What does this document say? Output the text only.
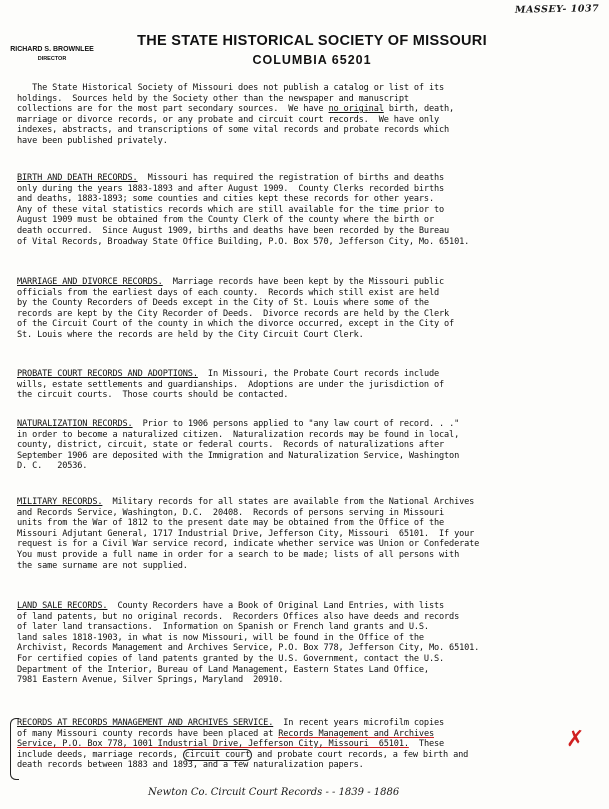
MASSEY- 1037
RICHARD S. BROWNLEE
DIRECTOR
THE STATE HISTORICAL SOCIETY OF MISSOURI
COLUMBIA 65201

The State Historical Society of Missouri does not publish a catalog or list of its
holdings.  Sources held by the Society other than the newspaper and manuscript
collections are for the most part secondary sources.  We have no original birth, death,
marriage or divorce records, or any probate and circuit court records.  We have only
indexes, abstracts, and transcriptions of some vital records and probate records which
have been published privately.

BIRTH AND DEATH RECORDS.  Missouri has required the registration of births and deaths
only during the years 1883-1893 and after August 1909.  County Clerks recorded births
and deaths, 1883-1893; some counties and cities kept these records for other years.
Any of these vital statistics records which are still available for the time prior to
August 1909 must be obtained from the County Clerk of the county where the birth or
death occurred.  Since August 1909, births and deaths have been recorded by the Bureau
of Vital Records, Broadway State Office Building, P.O. Box 570, Jefferson City, Mo. 65101.

MARRIAGE AND DIVORCE RECORDS.  Marriage records have been kept by the Missouri public
officials from the earliest days of each county.  Records which still exist are held
by the County Recorders of Deeds except in the City of St. Louis where some of the
records are kept by the City Recorder of Deeds.  Divorce records are held by the Clerk
of the Circuit Court of the county in which the divorce occurred, except in the City of
St. Louis where the records are held by the City Circuit Court Clerk.

PROBATE COURT RECORDS AND ADOPTIONS.  In Missouri, the Probate Court records include
wills, estate settlements and guardianships.  Adoptions are under the jurisdiction of
the circuit courts.  Those courts should be contacted.

NATURALIZATION RECORDS.  Prior to 1906 persons applied to "any law court of record. . ."
in order to become a naturalized citizen.  Naturalization records may be found in local,
county, district, circuit, state or federal courts.  Records of naturalizations after
September 1906 are deposited with the Immigration and Naturalization Service, Washington
D. C.   20536.

MILITARY RECORDS.  Military records for all states are available from the National Archives
and Records Service, Washington, D.C.  20408.  Records of persons serving in Missouri
units from the War of 1812 to the present date may be obtained from the Office of the
Missouri Adjutant General, 1717 Industrial Drive, Jefferson City, Missouri  65101.  If your
request is for a Civil War service record, indicate whether service was Union or Confederate
You must provide a full name in order for a search to be made; lists of all persons with
the same surname are not supplied.

LAND SALE RECORDS.  County Recorders have a Book of Original Land Entries, with lists
of land patents, but no original records.  Recorders Offices also have deeds and records
of later land transactions.  Information on Spanish or French land grants and U.S.
land sales 1818-1903, in what is now Missouri, will be found in the Office of the
Archivist, Records Management and Archives Service, P.O. Box 778, Jefferson City, Mo. 65101.
For certified copies of land patents granted by the U.S. Government, contact the U.S.
Department of the Interior, Bureau of Land Management, Eastern States Land Office,
7981 Eastern Avenue, Silver Springs, Maryland  20910.

RECORDS AT RECORDS MANAGEMENT AND ARCHIVES SERVICE.  In recent years microfilm copies
of many Missouri county records have been placed at Records Management and Archives
Service, P.O. Box 778, 1001 Industrial Drive, Jefferson City, Missouri  65101.  These
include deeds, marriage records, circuit court and probate court records, a few birth and
death records between 1883 and 1893, and a few naturalization papers.

✗
Newton Co. Circuit Court Records - - 1839 - 1886
